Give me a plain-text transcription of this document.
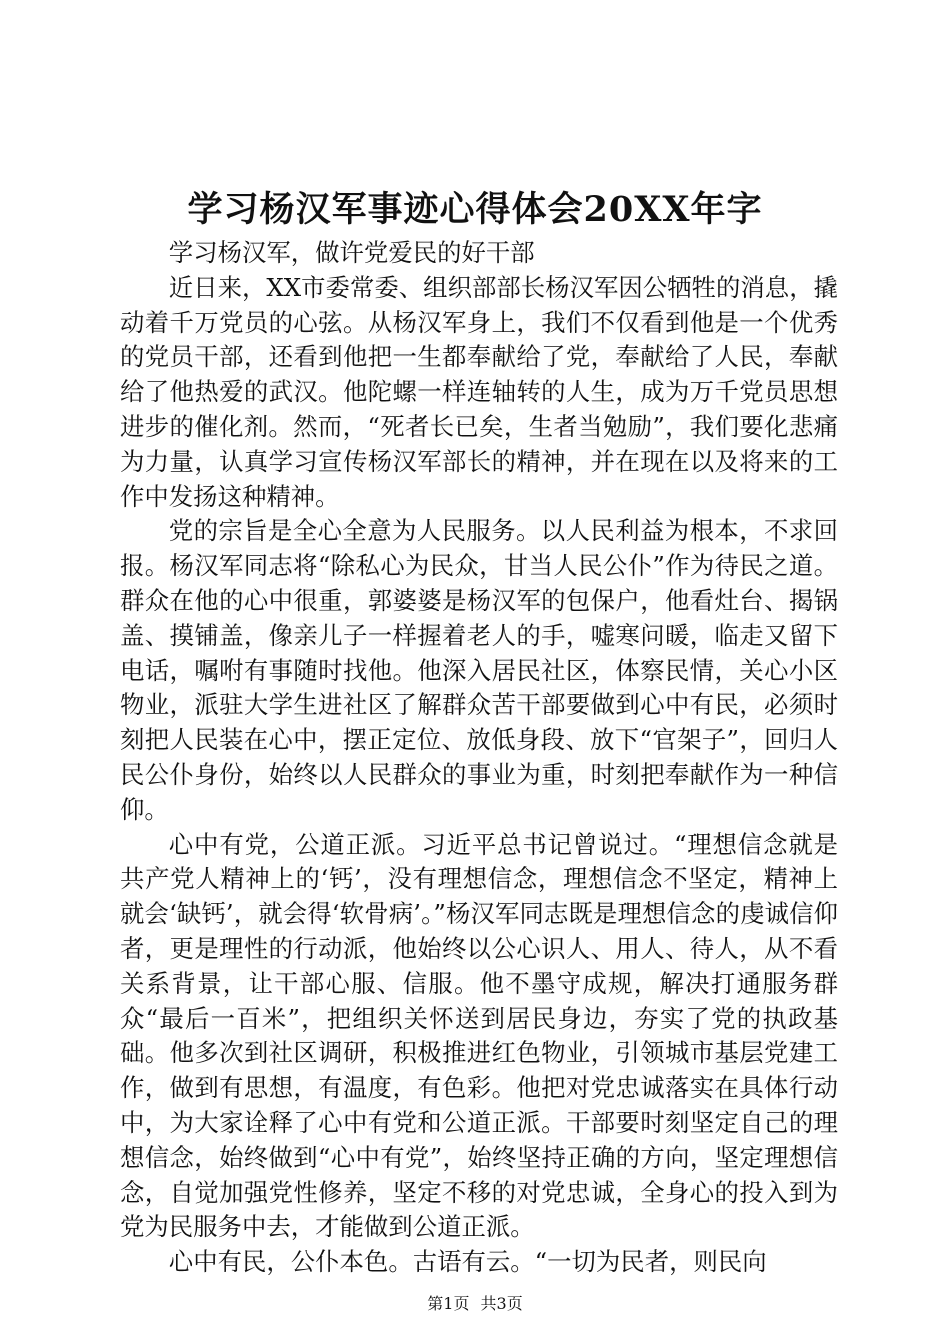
学习杨汉军事迹心得体会20XX年字

学习杨汉军，做许党爱民的好干部

近日来，XX市委常委、组织部部长杨汉军因公牺牲的消息，撬动着千万党员的心弦。从杨汉军身上，我们不仅看到他是一个优秀的党员干部，还看到他把一生都奉献给了党，奉献给了人民，奉献给了他热爱的武汉。他陀螺一样连轴转的人生，成为万千党员思想进步的催化剂。然而，“死者长已矣，生者当勉励”，我们要化悲痛为力量，认真学习宣传杨汉军部长的精神，并在现在以及将来的工作中发扬这种精神。

党的宗旨是全心全意为人民服务。以人民利益为根本，不求回报。杨汉军同志将“除私心为民众，甘当人民公仆”作为待民之道。群众在他的心中很重，郭婆婆是杨汉军的包保户，他看灶台、揭锅盖、摸铺盖，像亲儿子一样握着老人的手，嘘寒问暖，临走又留下电话，嘱咐有事随时找他。他深入居民社区，体察民情，关心小区物业，派驻大学生进社区了解群众苦干部要做到心中有民，必须时刻把人民装在心中，摆正定位、放低身段、放下“官架子”，回归人民公仆身份，始终以人民群众的事业为重，时刻把奉献作为一种信仰。

心中有党，公道正派。习近平总书记曾说过。“理想信念就是共产党人精神上的‘钙’，没有理想信念，理想信念不坚定，精神上就会‘缺钙’，就会得‘软骨病’。”杨汉军同志既是理想信念的虔诚信仰者，更是理性的行动派，他始终以公心识人、用人、待人，从不看关系背景，让干部心服、信服。他不墨守成规，解决打通服务群众“最后一百米”，把组织关怀送到居民身边，夯实了党的执政基础。他多次到社区调研，积极推进红色物业，引领城市基层党建工作，做到有思想，有温度，有色彩。他把对党忠诚落实在具体行动中，为大家诠释了心中有党和公道正派。干部要时刻坚定自己的理想信念，始终做到“心中有党”，始终坚持正确的方向，坚定理想信念，自觉加强党性修养，坚定不移的对党忠诚，全身心的投入到为党为民服务中去，才能做到公道正派。

心中有民，公仆本色。古语有云。“一切为民者，则民向

第1页 共3页
